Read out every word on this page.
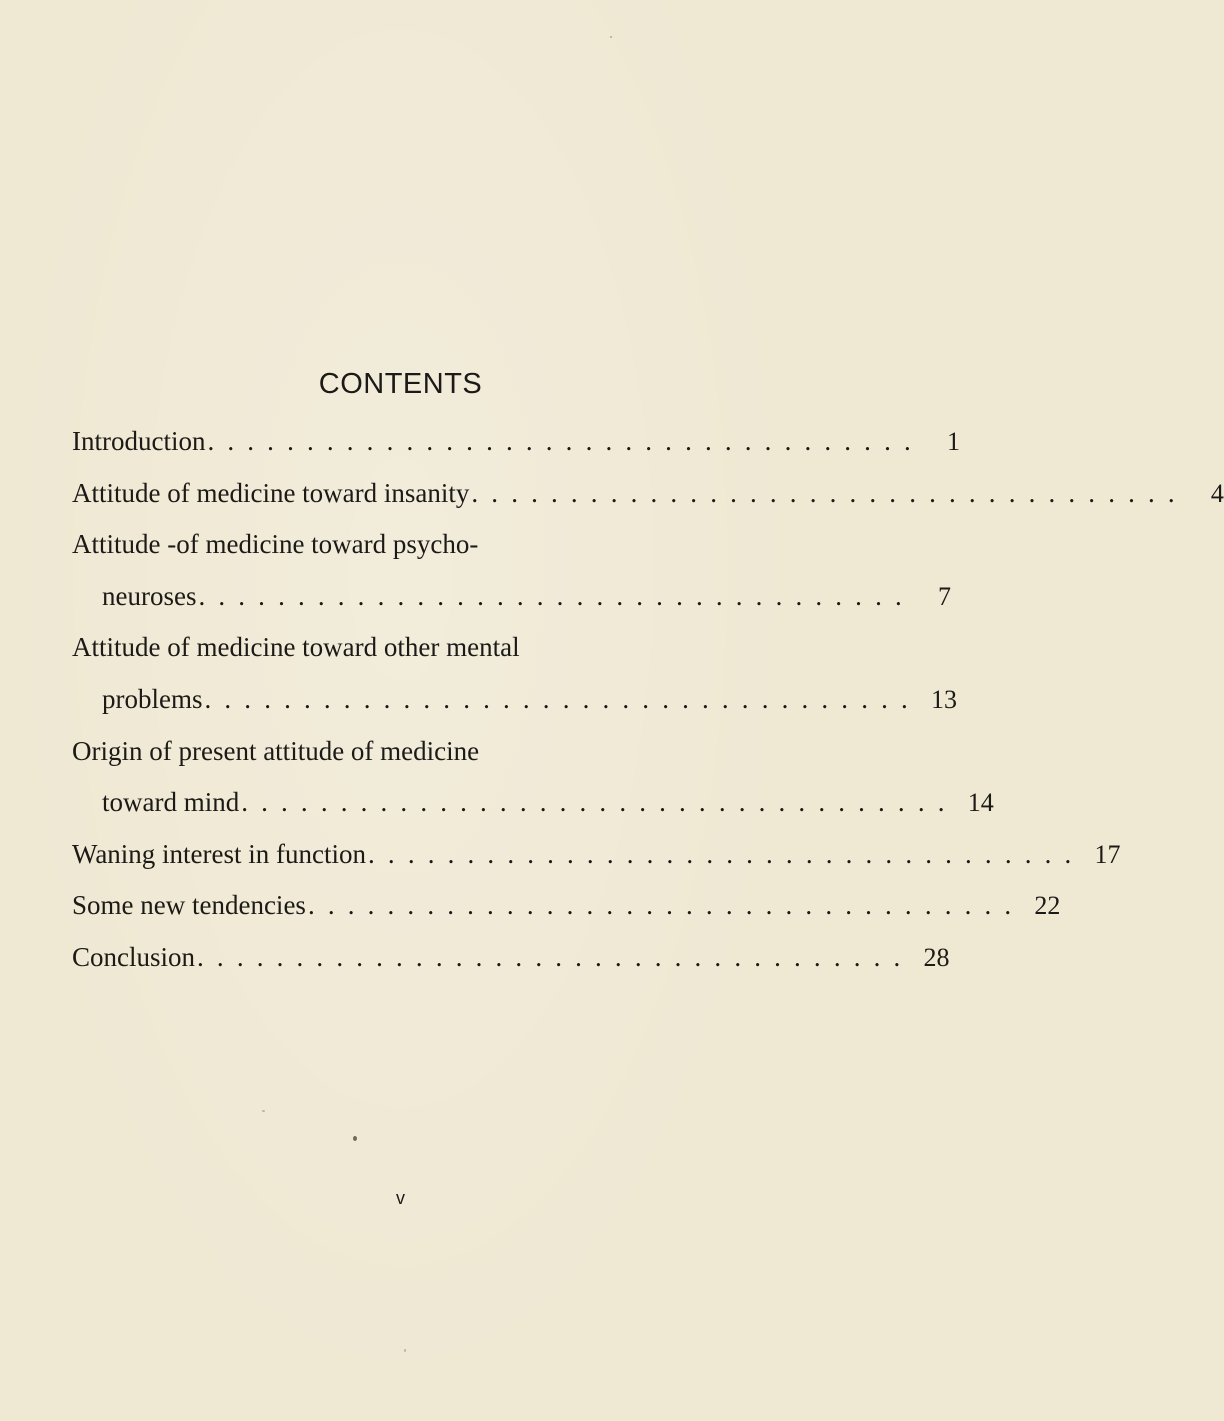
CONTENTS
Introduction . . . . . . . . . . . . . . . . . . . . . . . . . . . . . . . . . . . .	1
Attitude of medicine toward insanity . . . . . . . . . . . . . . . . . . . . . . . . . . . . . . . . . . . .	4
Attitude -of medicine toward psycho-
neuroses . . . . . . . . . . . . . . . . . . . . . . . . . . . . . . . . . . . .	7
Attitude of medicine toward other mental
problems . . . . . . . . . . . . . . . . . . . . . . . . . . . . . . . . . . . . 13
Origin of present attitude of medicine
toward mind . . . . . . . . . . . . . . . . . . . . . . . . . . . . . . . . . . . . 14
Waning interest in function . . . . . . . . . . . . . . . . . . . . . . . . . . . . . . . . . . . . 17
Some new tendencies . . . . . . . . . . . . . . . . . . . . . . . . . . . . . . . . . . . . 22
Conclusion . . . . . . . . . . . . . . . . . . . . . . . . . . . . . . . . . . . . 28
v
